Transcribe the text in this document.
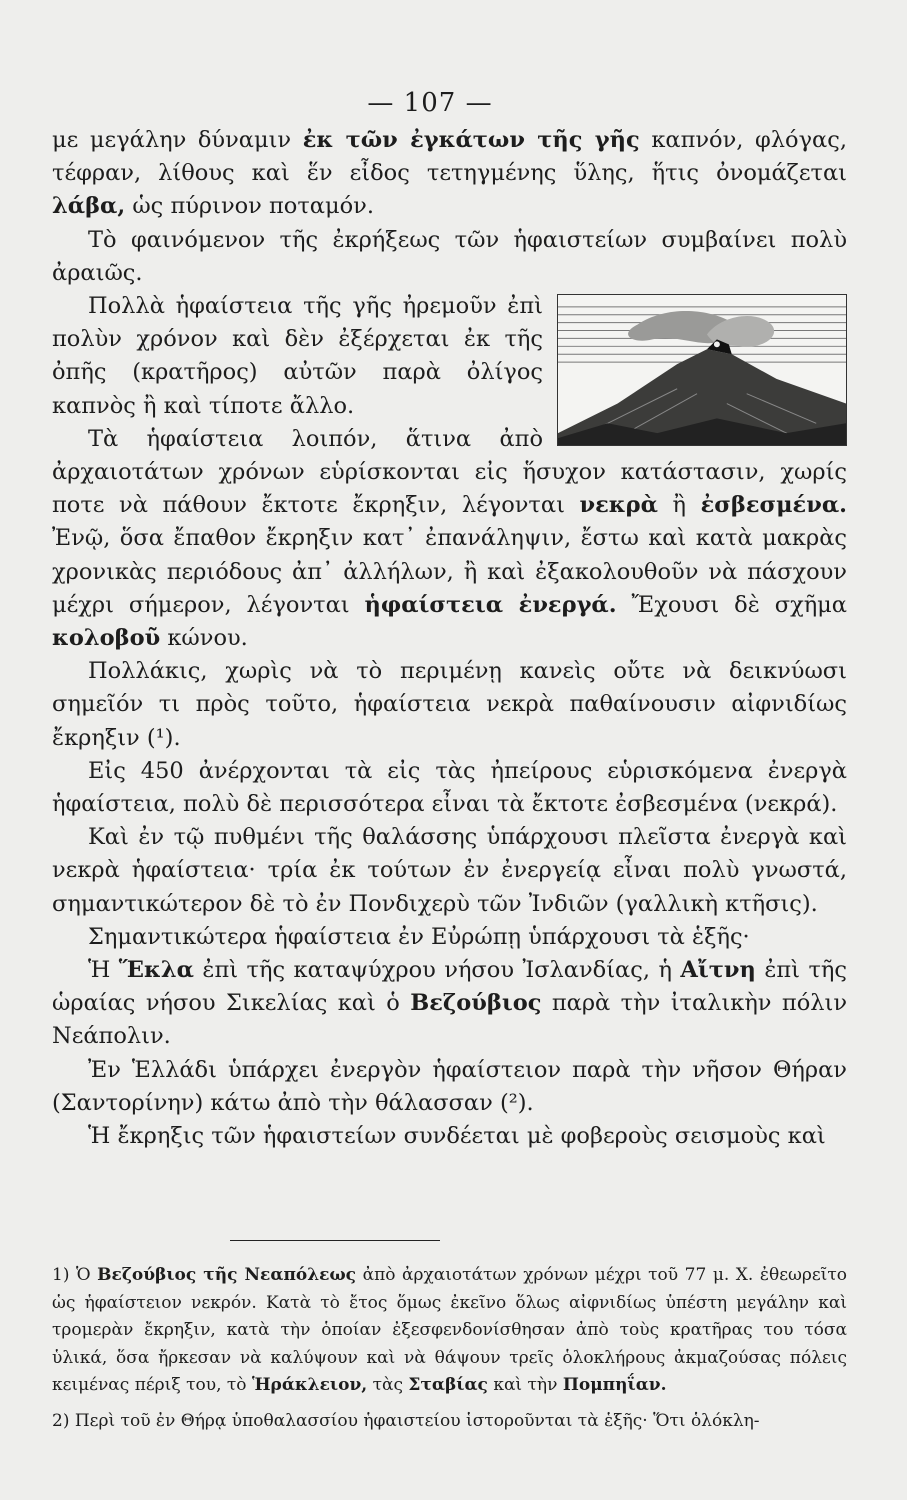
— 107 —

με μεγάλην δύναμιν ἐκ τῶν ἐγκάτων τῆς γῆς καπνόν, φλόγας, τέφραν, λίθους καὶ ἕν εἶδος τετηγμένης ὕλης, ἥτις ὀνομάζεται λάβα, ὡς πύρινον ποταμόν.

Τὸ φαινόμενον τῆς ἐκρήξεως τῶν ἡφαιστείων συμβαίνει πολὺ ἀραιῶς.

Πολλὰ ἡφαίστεια τῆς γῆς ἠρεμοῦν ἐπὶ πολὺν χρόνον καὶ δὲν ἐξέρχεται ἐκ τῆς ὀπῆς (κρατῆρος) αὐτῶν παρὰ ὀλίγος καπνὸς ἢ καὶ τίποτε ἄλλο.

Τὰ ἡφαίστεια λοιπόν, ἅτινα ἀπὸ ἀρχαιοτάτων χρόνων εὑρίσκονται εἰς ἥσυχον κατάστασιν, χωρίς ποτε νὰ πάθουν ἔκτοτε ἔκρηξιν, λέγονται νεκρὰ ἢ ἐσβεσμένα. Ἐνῷ, ὅσα ἔπαθον ἔκρηξιν κατ᾿ ἐπανάληψιν, ἔστω καὶ κατὰ μακρὰς χρονικὰς περιόδους ἀπ᾿ ἀλλήλων, ἢ καὶ ἐξακολουθοῦν νὰ πάσχουν μέχρι σήμερον, λέγονται ἡφαίστεια ἐνεργά. Ἔχουσι δὲ σχῆμα κολοβοῦ κώνου.

Πολλάκις, χωρὶς νὰ τὸ περιμένῃ κανεὶς οὔτε νὰ δεικνύωσι σημεῖόν τι πρὸς τοῦτο, ἡφαίστεια νεκρὰ παθαίνουσιν αἰφνιδίως ἔκρηξιν (¹).

Εἰς 450 ἀνέρχονται τὰ εἰς τὰς ἠπείρους εὑρισκόμενα ἐνεργὰ ἡφαίστεια, πολὺ δὲ περισσότερα εἶναι τὰ ἔκτοτε ἐσβεσμένα (νεκρά).

Καὶ ἐν τῷ πυθμένι τῆς θαλάσσης ὑπάρχουσι πλεῖστα ἐνεργὰ καὶ νεκρὰ ἡφαίστεια· τρία ἐκ τούτων ἐν ἐνεργείᾳ εἶναι πολὺ γνωστά, σημαντικώτερον δὲ τὸ ἐν Πονδιχερὺ τῶν Ἰνδιῶν (γαλλικὴ κτῆσις).

Σημαντικώτερα ἡφαίστεια ἐν Εὐρώπῃ ὑπάρχουσι τὰ ἑξῆς·

Ἡ Ἕκλα ἐπὶ τῆς καταψύχρου νήσου Ἰσλανδίας, ἡ Αἴτνη ἐπὶ τῆς ὡραίας νήσου Σικελίας καὶ ὁ Βεζούβιος παρὰ τὴν ἰταλικὴν πόλιν Νεάπολιν.

Ἐν Ἑλλάδι ὑπάρχει ἐνεργὸν ἡφαίστειον παρὰ τὴν νῆσον Θήραν (Σαντορίνην) κάτω ἀπὸ τὴν θάλασσαν (²).

Ἡ ἔκρηξις τῶν ἡφαιστείων συνδέεται μὲ φοβεροὺς σεισμοὺς καὶ

1) Ὁ Βεζούβιος τῆς Νεαπόλεως ἀπὸ ἀρχαιοτάτων χρόνων μέχρι τοῦ 77 μ. Χ. ἐθεωρεῖτο ὡς ἡφαίστειον νεκρόν. Κατὰ τὸ ἔτος ὅμως ἐκεῖνο ὅλως αἰφνιδίως ὑπέστη μεγάλην καὶ τρομερὰν ἔκρηξιν, κατὰ τὴν ὁποίαν ἐξεσφενδονίσθησαν ἀπὸ τοὺς κρατῆρας του τόσα ὑλικά, ὅσα ἤρκεσαν νὰ καλύψουν καὶ νὰ θάψουν τρεῖς ὁλοκλήρους ἀκμαζούσας πόλεις κειμένας πέριξ του, τὸ Ἡράκλειον, τὰς Σταβίας καὶ τὴν Πομπηΐαν.

2) Περὶ τοῦ ἐν Θήρᾳ ὑποθαλασσίου ἡφαιστείου ἱστοροῦνται τὰ ἑξῆς· Ὅτι ὁλόκλη-
